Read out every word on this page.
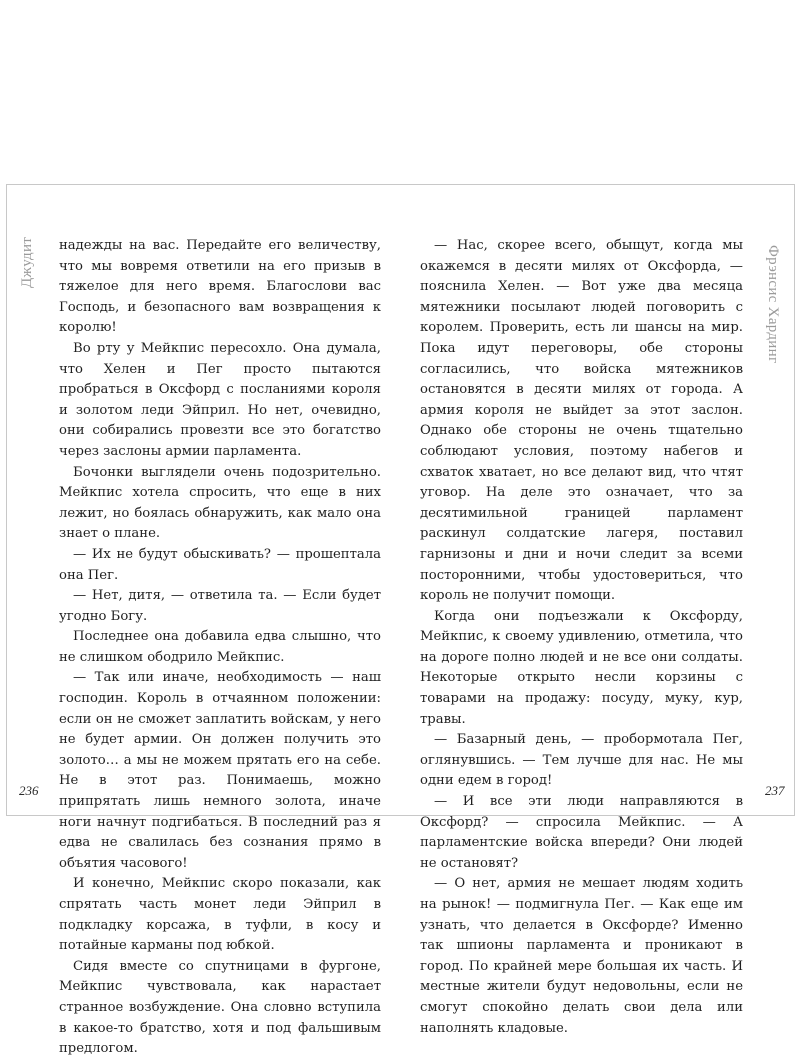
Джудит	Фрэнсис Хардинг

надежды на вас. Передайте его величеству, что мы вовремя ответили на его призыв в тяжелое для него время. Благослови вас Господь, и безопасного вам возвращения к королю!

Во рту у Мейкпис пересохло. Она думала, что Хелен и Пег просто пытаются пробраться в Оксфорд с посланиями короля и золотом леди Эйприл. Но нет, очевидно, они собирались провезти все это богатство через заслоны армии парламента.

Бочонки выглядели очень подозрительно. Мейкпис хотела спросить, что еще в них лежит, но боялась обнаружить, как мало она знает о плане.

— Их не будут обыскивать? — прошептала она Пег.

— Нет, дитя, — ответила та. — Если будет угодно Богу.

Последнее она добавила едва слышно, что не слишком ободрило Мейкпис.

— Так или иначе, необходимость — наш господин. Король в отчаянном положении: если он не сможет заплатить войскам, у него не будет армии. Он должен получить это золото… а мы не можем прятать его на себе. Не в этот раз. Понимаешь, можно припрятать лишь немного золота, иначе ноги начнут подгибаться. В последний раз я едва не свалилась без сознания прямо в объятия часового!

И конечно, Мейкпис скоро показали, как спрятать часть монет леди Эйприл в подкладку корсажа, в туфли, в косу и потайные карманы под юбкой.

Сидя вместе со спутницами в фургоне, Мейкпис чувствовала, как нарастает странное возбуждение. Она словно вступила в какое-то братство, хотя и под фальшивым предлогом.

— Нас, скорее всего, обыщут, когда мы окажемся в десяти милях от Оксфорда, — пояснила Хелен. — Вот уже два месяца мятежники посылают людей поговорить с королем. Проверить, есть ли шансы на мир. Пока идут переговоры, обе стороны согласились, что войска мятежников остановятся в десяти милях от города. А армия короля не выйдет за этот заслон. Однако обе стороны не очень тщательно соблюдают условия, поэтому набегов и схваток хватает, но все делают вид, что чтят уговор. На деле это означает, что за десятимильной границей парламент раскинул солдатские лагеря, поставил гарнизоны и дни и ночи следит за всеми посторонними, чтобы удостовериться, что король не получит помощи.

Когда они подъезжали к Оксфорду, Мейкпис, к своему удивлению, отметила, что на дороге полно людей и не все они солдаты. Некоторые открыто несли корзины с товарами на продажу: посуду, муку, кур, травы.

— Базарный день, — пробормотала Пег, оглянувшись. — Тем лучше для нас. Не мы одни едем в город!

— И все эти люди направляются в Оксфорд? — спросила Мейкпис. — А парламентские войска впереди? Они людей не остановят?

— О нет, армия не мешает людям ходить на рынок! — подмигнула Пег. — Как еще им узнать, что делается в Оксфорде? Именно так шпионы парламента и проникают в город. По крайней мере большая их часть. И местные жители будут недовольны, если не смогут спокойно делать свои дела или наполнять кладовые.

236	237
